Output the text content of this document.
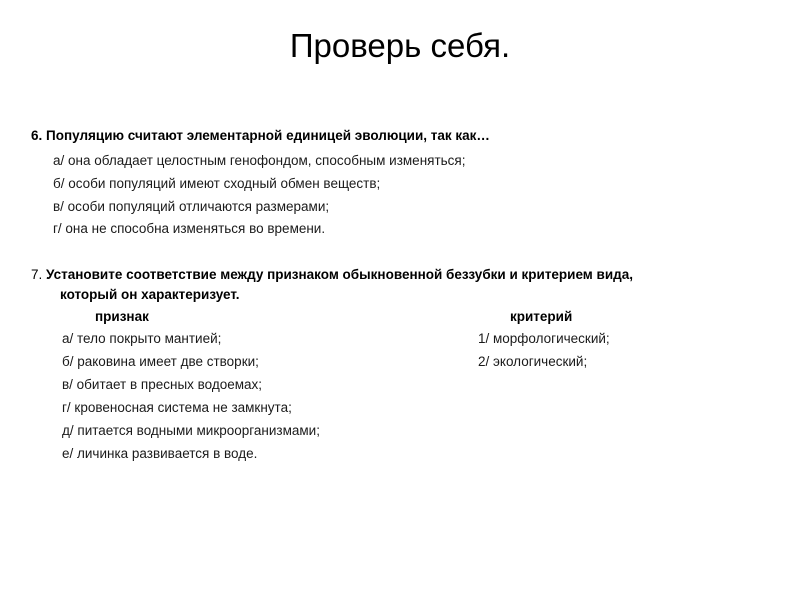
Проверь себя.
6. Популяцию считают элементарной единицей эволюции, так как…
а/ она обладает целостным генофондом, способным изменяться;
б/ особи популяций имеют сходный обмен веществ;
в/ особи популяций отличаются размерами;
г/ она не способна изменяться во времени.
7. Установите соответствие между признаком обыкновенной беззубки и критерием вида,
который он характеризует.
признак	критерий
а/ тело покрыто мантией;
б/ раковина имеет две створки;
в/ обитает в пресных водоемах;
г/ кровеносная система не замкнута;
д/ питается водными микроорганизмами;
е/ личинка развивается в воде.
1/ морфологический;
2/ экологический;
